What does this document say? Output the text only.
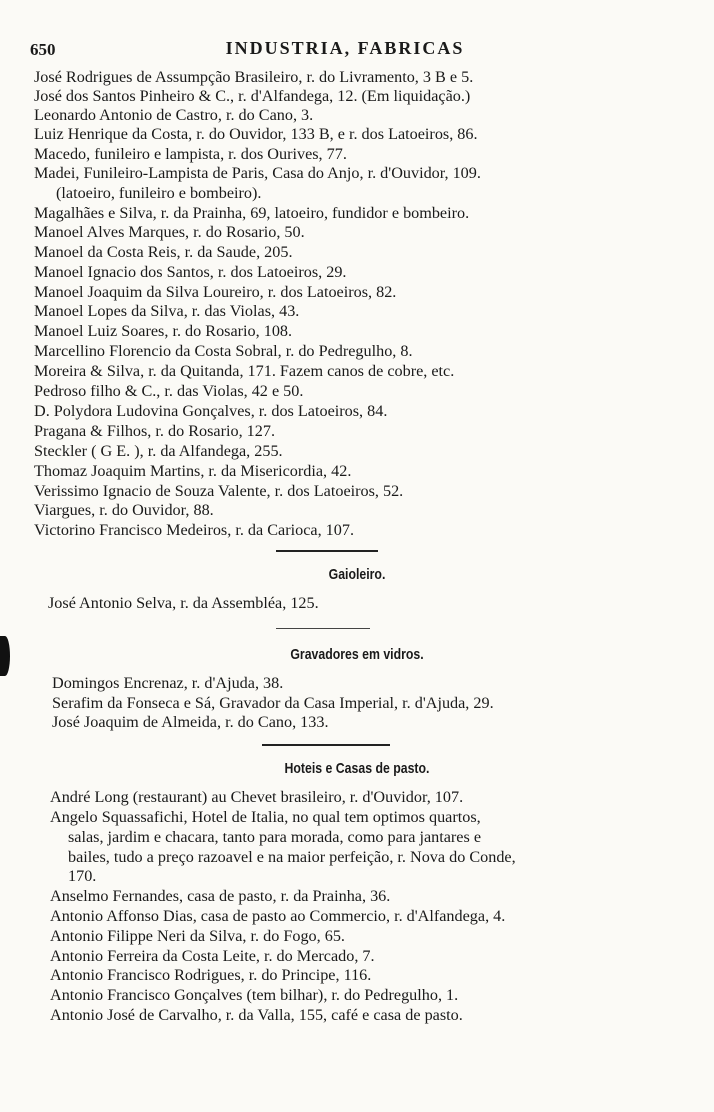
650	INDUSTRIA, FABRICAS
José Rodrigues de Assumpção Brasileiro, r. do Livramento, 3 B e 5.
José dos Santos Pinheiro & C., r. d'Alfandega, 12. (Em liquidação.)
Leonardo Antonio de Castro, r. do Cano, 3.
Luiz Henrique da Costa, r. do Ouvidor, 133 B, e r. dos Latoeiros, 86.
Macedo, funileiro e lampista, r. dos Ourives, 77.
Madei, Funileiro-Lampista de Paris, Casa do Anjo, r. d'Ouvidor, 109.
(latoeiro, funileiro e bombeiro).
Magalhães e Silva, r. da Prainha, 69, latoeiro, fundidor e bombeiro.
Manoel Alves Marques, r. do Rosario, 50.
Manoel da Costa Reis, r. da Saude, 205.
Manoel Ignacio dos Santos, r. dos Latoeiros, 29.
Manoel Joaquim da Silva Loureiro, r. dos Latoeiros, 82.
Manoel Lopes da Silva, r. das Violas, 43.
Manoel Luiz Soares, r. do Rosario, 108.
Marcellino Florencio da Costa Sobral, r. do Pedregulho, 8.
Moreira & Silva, r. da Quitanda, 171. Fazem canos de cobre, etc.
Pedroso filho & C., r. das Violas, 42 e 50.
D. Polydora Ludovina Gonçalves, r. dos Latoeiros, 84.
Pragana & Filhos, r. do Rosario, 127.
Steckler ( G E. ), r. da Alfandega, 255.
Thomaz Joaquim Martins, r. da Misericordia, 42.
Verissimo Ignacio de Souza Valente, r. dos Latoeiros, 52.
Viargues, r. do Ouvidor, 88.
Victorino Francisco Medeiros, r. da Carioca, 107.
Gaioleiro.
José Antonio Selva, r. da Assembléa, 125.
Gravadores em vidros.
Domingos Encrenaz, r. d'Ajuda, 38.
Serafim da Fonseca e Sá, Gravador da Casa Imperial, r. d'Ajuda, 29.
José Joaquim de Almeida, r. do Cano, 133.
Hoteis e Casas de pasto.
André Long (restaurant) au Chevet brasileiro, r. d'Ouvidor, 107.
Angelo Squassafichi, Hotel de Italia, no qual tem optimos quartos,
salas, jardim e chacara, tanto para morada, como para jantares e
bailes, tudo a preço razoavel e na maior perfeição, r. Nova do Conde,
170.
Anselmo Fernandes, casa de pasto, r. da Prainha, 36.
Antonio Affonso Dias, casa de pasto ao Commercio, r. d'Alfandega, 4.
Antonio Filippe Neri da Silva, r. do Fogo, 65.
Antonio Ferreira da Costa Leite, r. do Mercado, 7.
Antonio Francisco Rodrigues, r. do Principe, 116.
Antonio Francisco Gonçalves (tem bilhar), r. do Pedregulho, 1.
Antonio José de Carvalho, r. da Valla, 155, café e casa de pasto.
